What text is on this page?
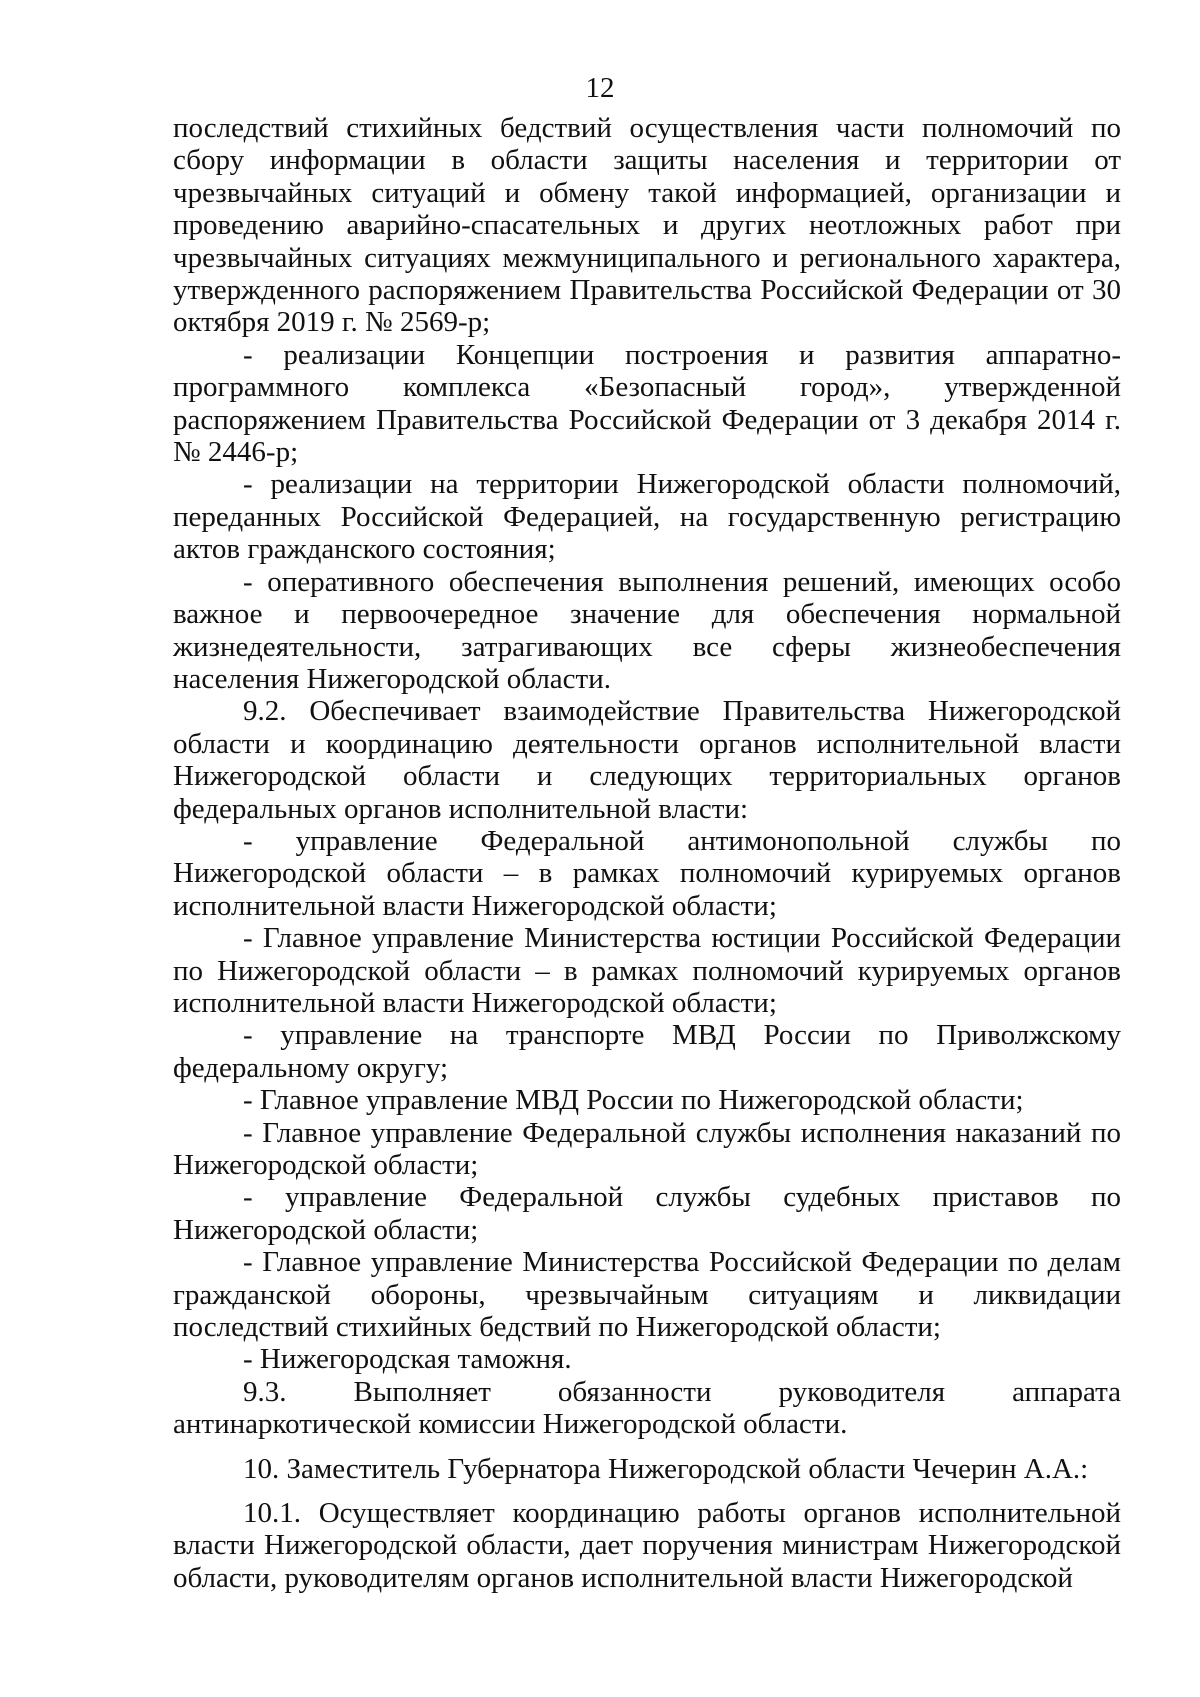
12

последствий стихийных бедствий осуществления части полномочий по сбору информации в области защиты населения и территории от чрезвычайных ситуаций и обмену такой информацией, организации и проведению аварийно-спасательных и других неотложных работ при чрезвычайных ситуациях межмуниципального и регионального характера, утвержденного распоряжением Правительства Российской Федерации от 30 октября 2019 г. № 2569-р;

- реализации Концепции построения и развития аппаратно-программного комплекса «Безопасный город», утвержденной распоряжением Правительства Российской Федерации от 3 декабря 2014 г. № 2446-р;

- реализации на территории Нижегородской области полномочий, переданных Российской Федерацией, на государственную регистрацию актов гражданского состояния;

- оперативного обеспечения выполнения решений, имеющих особо важное и первоочередное значение для обеспечения нормальной жизнедеятельности, затрагивающих все сферы жизнеобеспечения населения Нижегородской области.

9.2. Обеспечивает взаимодействие Правительства Нижегородской области и координацию деятельности органов исполнительной власти Нижегородской области и следующих территориальных органов федеральных органов исполнительной власти:

- управление Федеральной антимонопольной службы по Нижегородской области – в рамках полномочий курируемых органов исполнительной власти Нижегородской области;

- Главное управление Министерства юстиции Российской Федерации по Нижегородской области – в рамках полномочий курируемых органов исполнительной власти Нижегородской области;

- управление на транспорте МВД России по Приволжскому федеральному округу;

- Главное управление МВД России по Нижегородской области;

- Главное управление Федеральной службы исполнения наказаний по Нижегородской области;

- управление Федеральной службы судебных приставов по Нижегородской области;

- Главное управление Министерства Российской Федерации по делам гражданской обороны, чрезвычайным ситуациям и ликвидации последствий стихийных бедствий по Нижегородской области;

- Нижегородская таможня.

9.3. Выполняет обязанности руководителя аппарата антинаркотической комиссии Нижегородской области.

10. Заместитель Губернатора Нижегородской области Чечерин А.А.:

10.1. Осуществляет координацию работы органов исполнительной власти Нижегородской области, дает поручения министрам Нижегородской области, руководителям органов исполнительной власти Нижегородской
